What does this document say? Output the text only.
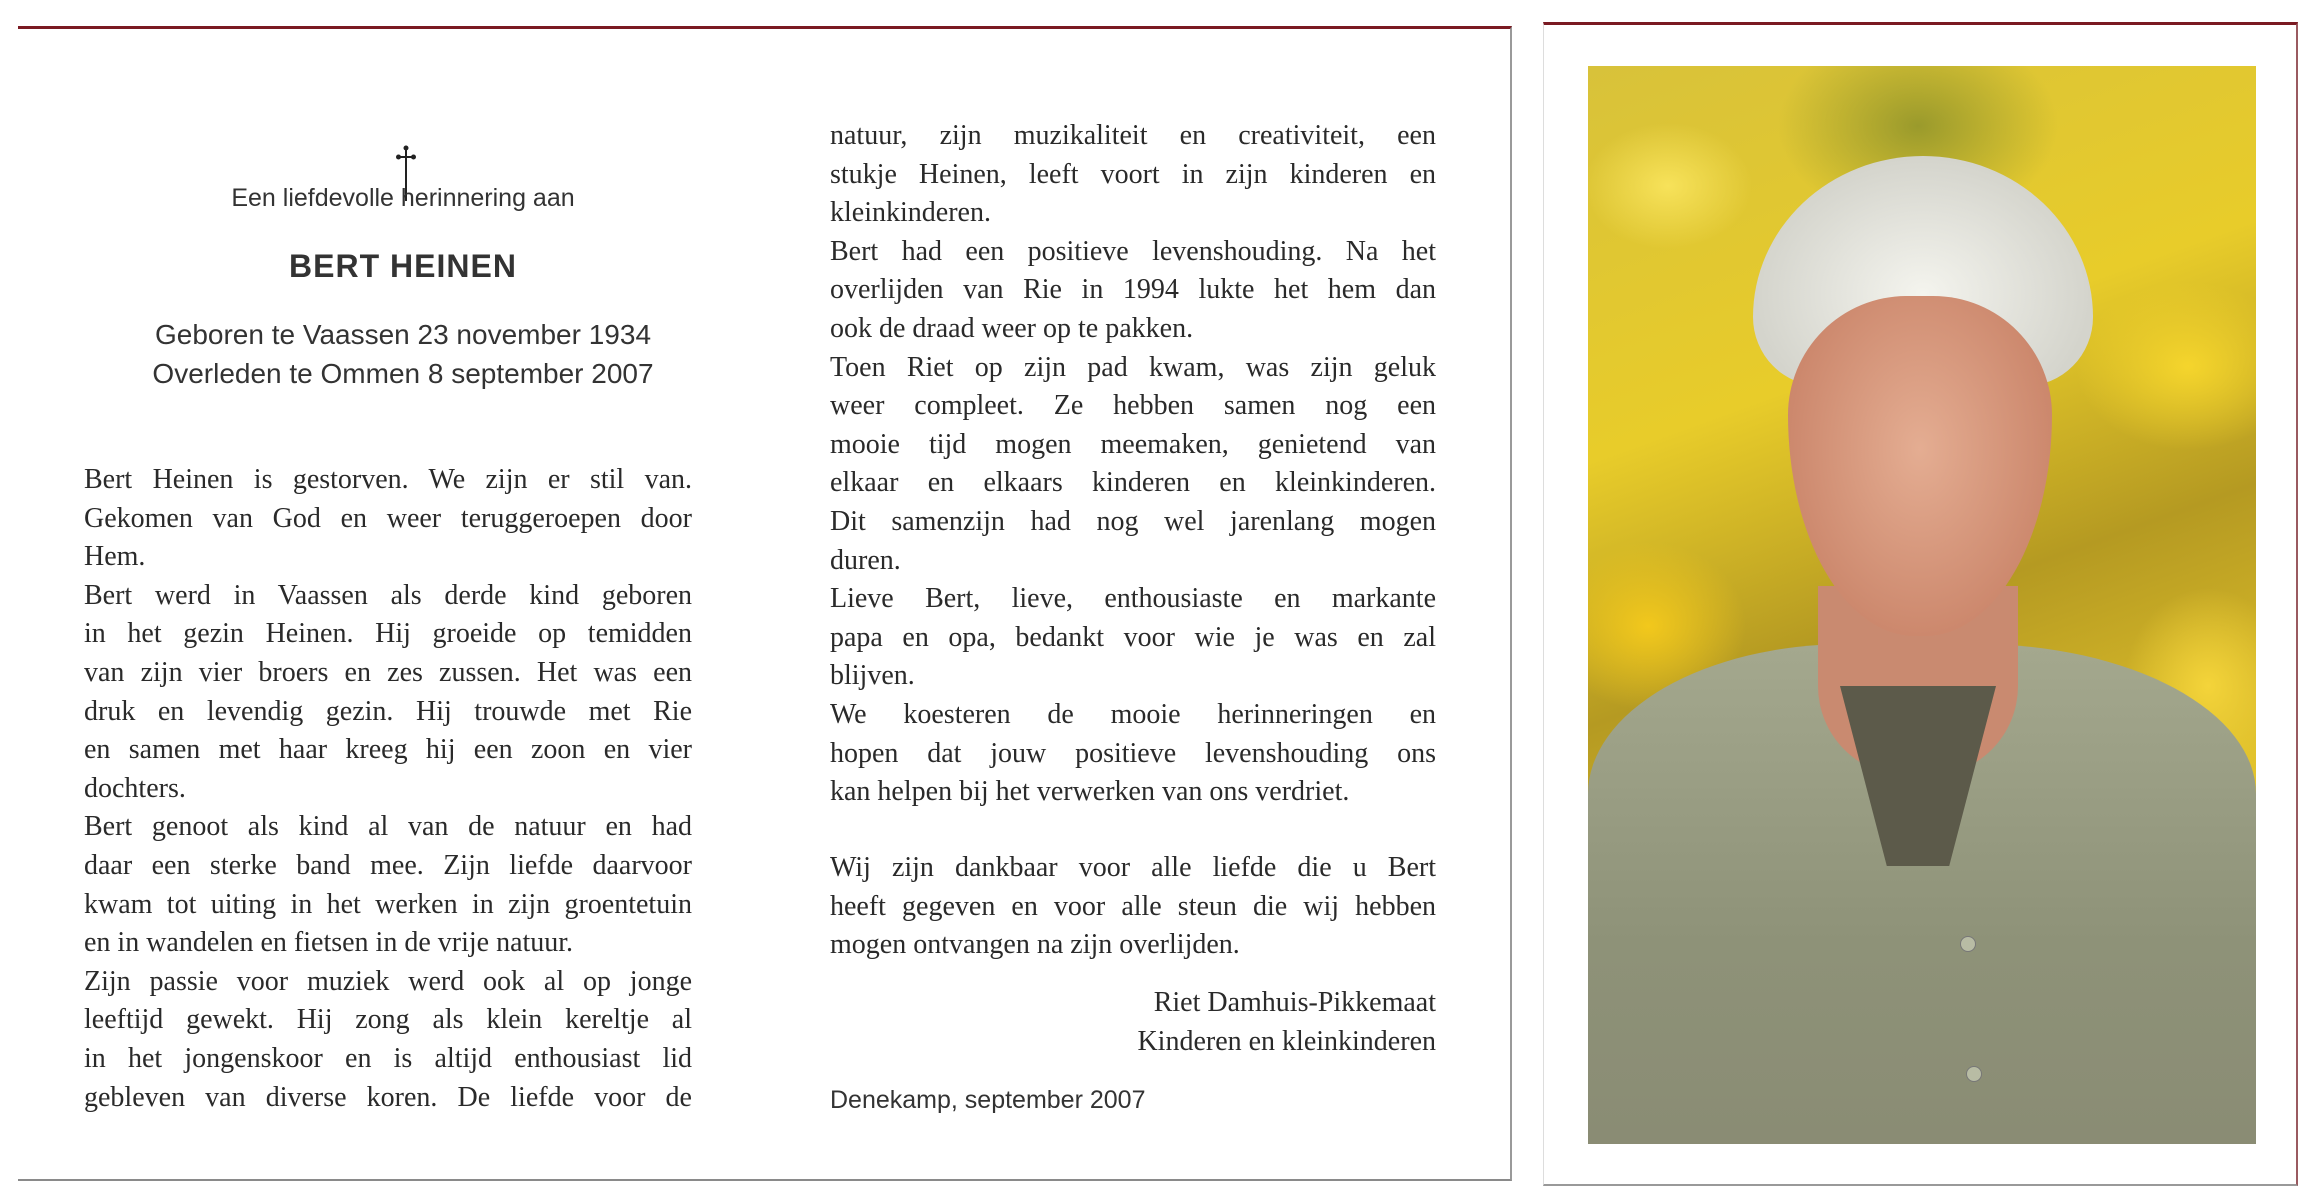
Een liefdevolle herinnering aan
BERT HEINEN
Geboren te Vaassen 23 november 1934
Overleden te Ommen 8 september 2007
Bert Heinen is gestorven. We zijn er stil van.
Gekomen van God en weer teruggeroepen door
Hem.
Bert werd in Vaassen als derde kind geboren
in het gezin Heinen. Hij groeide op temidden
van zijn vier broers en zes zussen. Het was een
druk en levendig gezin. Hij trouwde met Rie
en samen met haar kreeg hij een zoon en vier
dochters.
Bert genoot als kind al van de natuur en had
daar een sterke band mee. Zijn liefde daarvoor
kwam tot uiting in het werken in zijn groentetuin
en in wandelen en fietsen in de vrije natuur.
Zijn passie voor muziek werd ook al op jonge
leeftijd gewekt. Hij zong als klein kereltje al
in het jongenskoor en is altijd enthousiast lid
gebleven van diverse koren. De liefde voor de
natuur, zijn muzikaliteit en creativiteit, een
stukje Heinen, leeft voort in zijn kinderen en
kleinkinderen.
Bert had een positieve levenshouding. Na het
overlijden van Rie in 1994 lukte het hem dan
ook de draad weer op te pakken.
Toen Riet op zijn pad kwam, was zijn geluk
weer compleet. Ze hebben samen nog een
mooie tijd mogen meemaken, genietend van
elkaar en elkaars kinderen en kleinkinderen.
Dit samenzijn had nog wel jarenlang mogen
duren.
Lieve Bert, lieve, enthousiaste en markante
papa en opa, bedankt voor wie je was en zal
blijven.
We koesteren de mooie herinneringen en
hopen dat jouw positieve levenshouding ons
kan helpen bij het verwerken van ons verdriet.
Wij zijn dankbaar voor alle liefde die u Bert
heeft gegeven en voor alle steun die wij hebben
mogen ontvangen na zijn overlijden.
Riet Damhuis-Pikkemaat
Kinderen en kleinkinderen
Denekamp, september 2007
